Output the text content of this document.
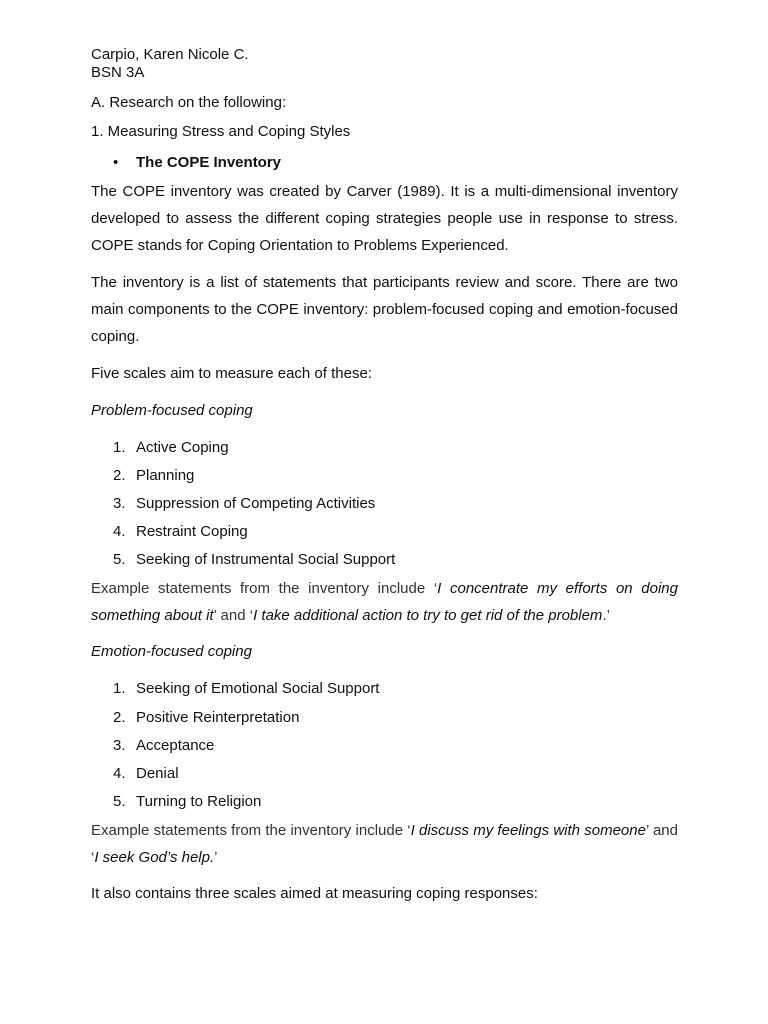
Carpio, Karen Nicole C.
BSN 3A
A. Research on the following:
1. Measuring Stress and Coping Styles
• The COPE Inventory

The COPE inventory was created by Carver (1989). It is a multi-dimensional inventory developed to assess the different coping strategies people use in response to stress. COPE stands for Coping Orientation to Problems Experienced.

The inventory is a list of statements that participants review and score. There are two main components to the COPE inventory: problem-focused coping and emotion-focused coping.

Five scales aim to measure each of these:

Problem-focused coping

1. Active Coping
2. Planning
3. Suppression of Competing Activities
4. Restraint Coping
5. Seeking of Instrumental Social Support

Example statements from the inventory include ‘I concentrate my efforts on doing something about it’ and ‘I take additional action to try to get rid of the problem.’

Emotion-focused coping

1. Seeking of Emotional Social Support
2. Positive Reinterpretation
3. Acceptance
4. Denial
5. Turning to Religion

Example statements from the inventory include ‘I discuss my feelings with someone’ and ‘I seek God’s help.’

It also contains three scales aimed at measuring coping responses:
